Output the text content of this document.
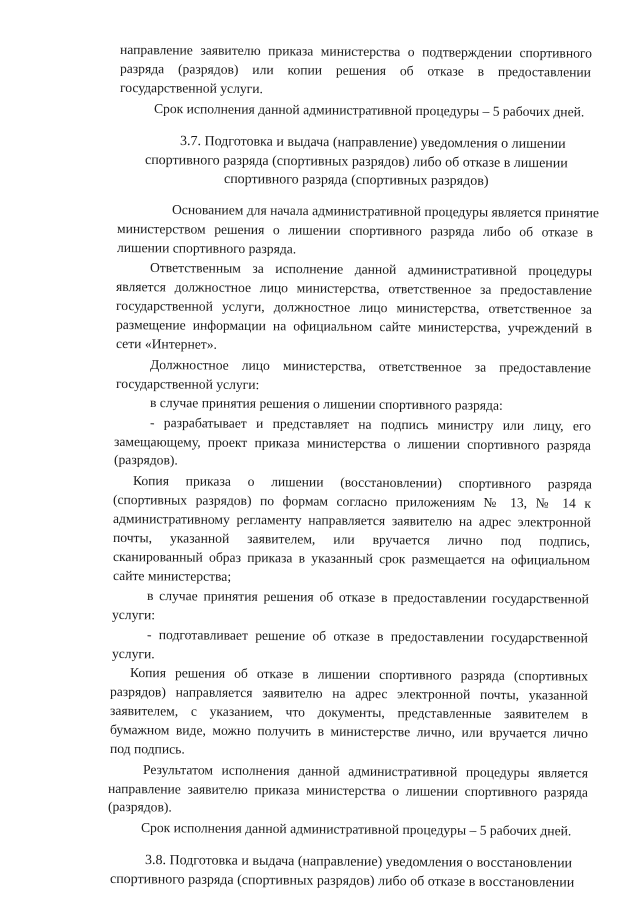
направление заявителю приказа министерства о подтверждении спортивного
разряда (разрядов) или копии решения об отказе в предоставлении
государственной услуги.
Срок исполнения данной административной процедуры – 5 рабочих дней.
3.7. Подготовка и выдача (направление) уведомления о лишении
спортивного разряда (спортивных разрядов) либо об отказе в лишении
спортивного разряда (спортивных разрядов)
Основанием для начала административной процедуры является принятие
министерством решения о лишении спортивного разряда либо об отказе в
лишении спортивного разряда.
Ответственным за исполнение данной административной процедуры
является должностное лицо министерства, ответственное за предоставление
государственной услуги, должностное лицо министерства, ответственное за
размещение информации на официальном сайте министерства, учреждений в
сети «Интернет».
Должностное лицо министерства, ответственное за предоставление
государственной услуги:
в случае принятия решения о лишении спортивного разряда:
- разрабатывает и представляет на подпись министру или лицу, его
замещающему, проект приказа министерства о лишении спортивного разряда
(разрядов).
Копия приказа о лишении (восстановлении) спортивного разряда
(спортивных разрядов) по формам согласно приложениям № 13, № 14 к
административному регламенту направляется заявителю на адрес электронной
почты, указанной заявителем, или вручается лично под подпись,
сканированный образ приказа в указанный срок размещается на официальном
сайте министерства;
в случае принятия решения об отказе в предоставлении государственной
услуги:
- подготавливает решение об отказе в предоставлении государственной
услуги.
Копия решения об отказе в лишении спортивного разряда (спортивных
разрядов) направляется заявителю на адрес электронной почты, указанной
заявителем, с указанием, что документы, представленные заявителем в
бумажном виде, можно получить в министерстве лично, или вручается лично
под подпись.
Результатом исполнения данной административной процедуры является
направление заявителю приказа министерства о лишении спортивного разряда
(разрядов).
Срок исполнения данной административной процедуры – 5 рабочих дней.
3.8. Подготовка и выдача (направление) уведомления о восстановлении
спортивного разряда (спортивных разрядов) либо об отказе в восстановлении
